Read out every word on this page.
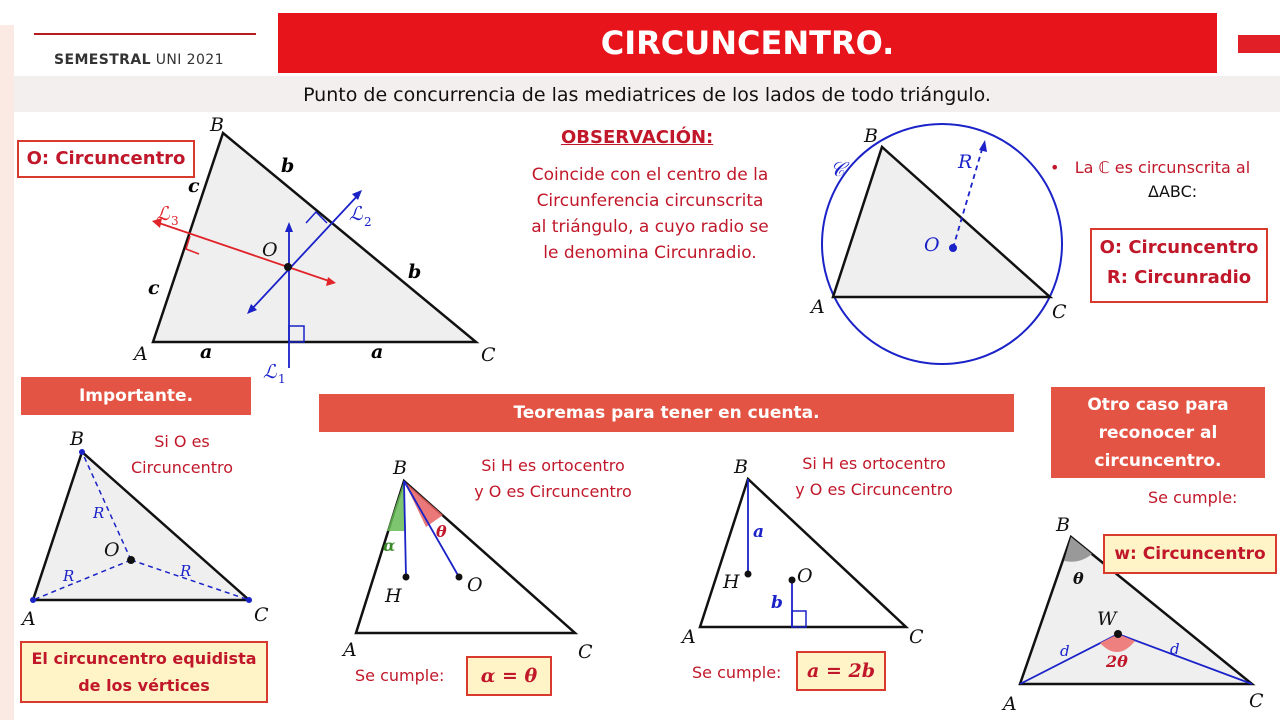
SEMESTRAL UNI 2021	CIRCUNCENTRO.
Punto de concurrencia de las mediatrices de los lados de todo triángulo.
O: Circuncentro
A
B
C
O
a	a
b
b
c
c
ℒ 1
ℒ 2
ℒ 3
OBSERVACIÓN:
Coincide con el centro de la
Circunferencia circunscrita
al triángulo, a cuyo radio se
le denomina Circunradio.
B
A	C
O
R
𝒞	• La ℂ es circunscrita al
ΔABC:
O: Circuncentro
R: Circunradio
Importante.
Si O es
Circuncentro
B
A	C
O
R
R	R
El circuncentro equidista
de los vértices
Teoremas para tener en cuenta.
B
A	C
H	O
α
θ
Si H es ortocentro
y O es Circuncentro
Se cumple:	α = θ
B
A	C
H	O
a
b
Si H es ortocentro
y O es Circuncentro
Se cumple:	a = 2b
Otro caso para
reconocer al
circuncentro.
Se cumple:
B
A	C
W
θ
2θ
d	d
w: Circuncentro
